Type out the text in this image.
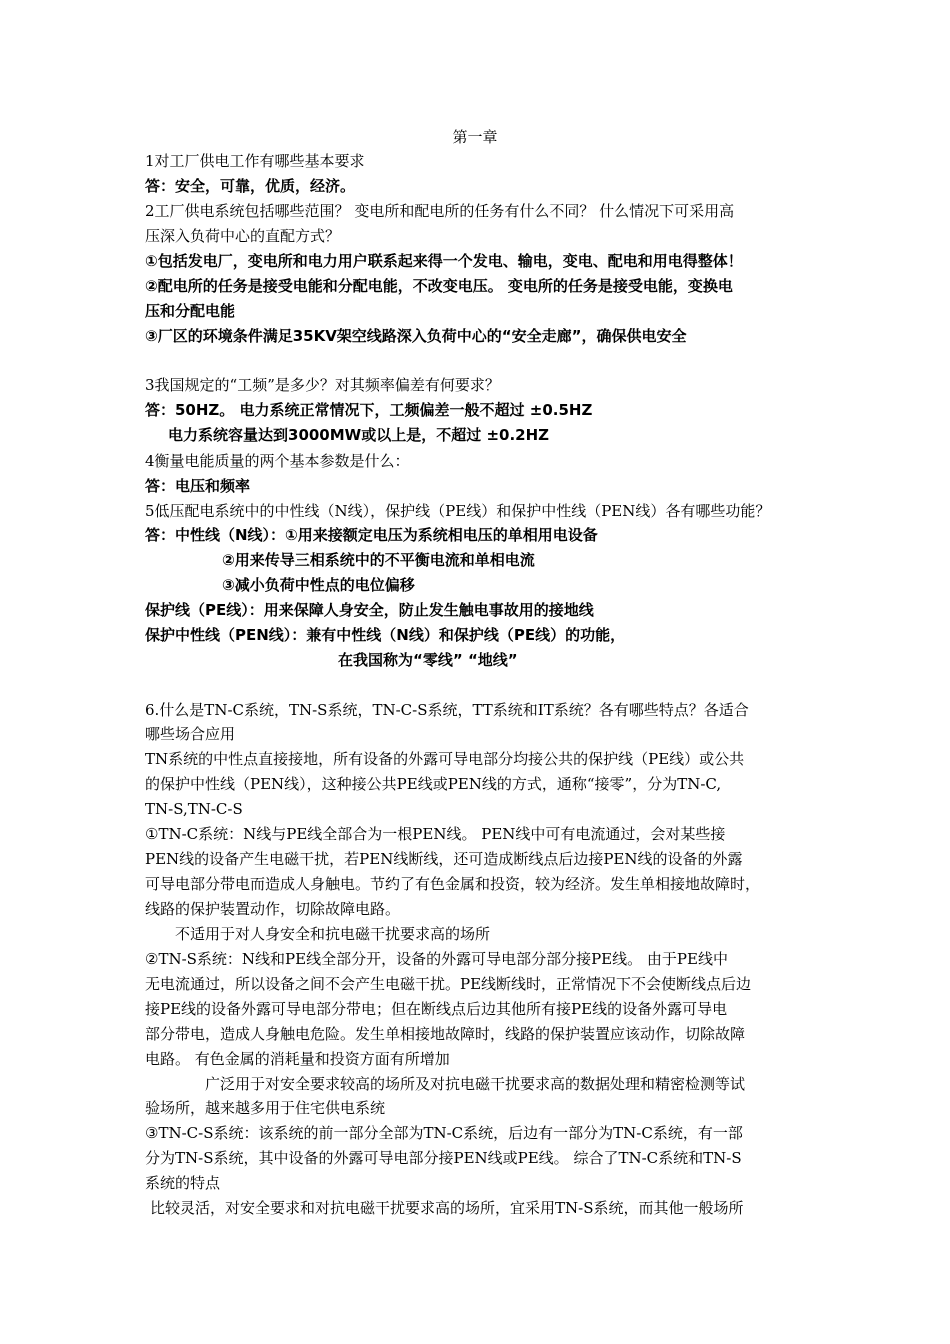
第一章
1对工厂供电工作有哪些基本要求
答：安全，可靠，优质，经济。
2工厂供电系统包括哪些范围？ 变电所和配电所的任务有什么不同？ 什么情况下可采用高
压深入负荷中心的直配方式？
①包括发电厂，变电所和电力用户联系起来得一个发电、输电，变电、配电和用电得整体！
②配电所的任务是接受电能和分配电能，不改变电压。 变电所的任务是接受电能，变换电
压和分配电能
③厂区的环境条件满足35KV架空线路深入负荷中心的“安全走廊”，确保供电安全
3我国规定的“工频”是多少？对其频率偏差有何要求？
答：50HZ。 电力系统正常情况下，工频偏差一般不超过 ±0.5HZ
电力系统容量达到3000MW或以上是，不超过 ±0.2HZ
4衡量电能质量的两个基本参数是什么：
答：电压和频率
5低压配电系统中的中性线（N线），保护线（PE线）和保护中性线（PEN线）各有哪些功能？
答：中性线（N线）：①用来接额定电压为系统相电压的单相用电设备
②用来传导三相系统中的不平衡电流和单相电流
③减小负荷中性点的电位偏移
保护线（PE线）：用来保障人身安全，防止发生触电事故用的接地线
保护中性线（PEN线）：兼有中性线（N线）和保护线（PE线）的功能，
在我国称为“零线” “地线”
6.什么是TN-C系统，TN-S系统，TN-C-S系统，TT系统和IT系统？各有哪些特点？各适合
哪些场合应用
TN系统的中性点直接接地，所有设备的外露可导电部分均接公共的保护线（PE线）或公共
的保护中性线（PEN线），这种接公共PE线或PEN线的方式，通称“接零”，分为TN-C,
TN-S,TN-C-S
①TN-C系统：N线与PE线全部合为一根PEN线。 PEN线中可有电流通过，会对某些接
PEN线的设备产生电磁干扰，若PEN线断线，还可造成断线点后边接PEN线的设备的外露
可导电部分带电而造成人身触电。节约了有色金属和投资，较为经济。发生单相接地故障时，
线路的保护装置动作，切除故障电路。
不适用于对人身安全和抗电磁干扰要求高的场所
②TN-S系统：N线和PE线全部分开，设备的外露可导电部分部分接PE线。 由于PE线中
无电流通过，所以设备之间不会产生电磁干扰。PE线断线时，正常情况下不会使断线点后边
接PE线的设备外露可导电部分带电；但在断线点后边其他所有接PE线的设备外露可导电
部分带电，造成人身触电危险。发生单相接地故障时，线路的保护装置应该动作，切除故障
电路。 有色金属的消耗量和投资方面有所增加
广泛用于对安全要求较高的场所及对抗电磁干扰要求高的数据处理和精密检测等试
验场所，越来越多用于住宅供电系统
③TN-C-S系统：该系统的前一部分全部为TN-C系统，后边有一部分为TN-C系统，有一部
分为TN-S系统，其中设备的外露可导电部分接PEN线或PE线。 综合了TN-C系统和TN-S
系统的特点
比较灵活，对安全要求和对抗电磁干扰要求高的场所，宜采用TN-S系统，而其他一般场所
